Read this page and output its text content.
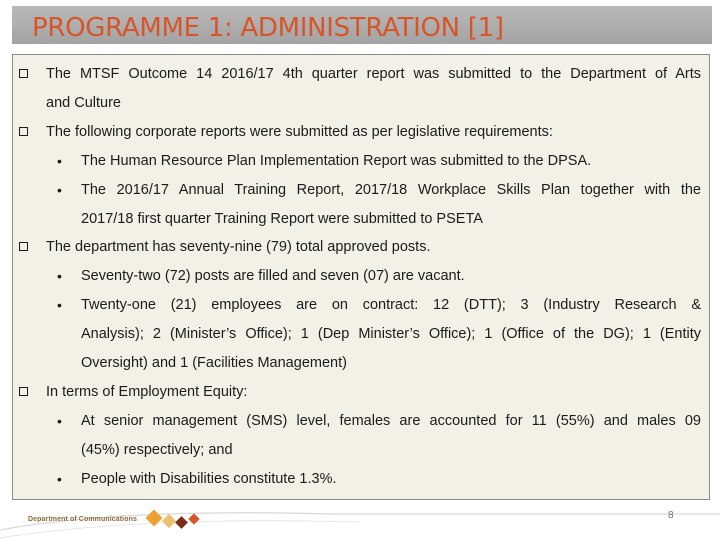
PROGRAMME 1: ADMINISTRATION [1]
The MTSF Outcome 14 2016/17 4th quarter report was submitted to the Department of Arts
and Culture
The following corporate reports were submitted as per legislative requirements:
• The Human Resource Plan Implementation Report was submitted to the DPSA.
• The 2016/17 Annual Training Report, 2017/18 Workplace Skills Plan together with the
2017/18 first quarter Training Report were submitted to PSETA
The department has seventy-nine (79) total approved posts.
• Seventy-two (72) posts are filled and seven (07) are vacant.
• Twenty-one (21) employees are on contract: 12 (DTT); 3 (Industry Research &
Analysis); 2 (Minister’s Office); 1 (Dep Minister’s Office); 1 (Office of the DG); 1 (Entity
Oversight) and 1 (Facilities Management)
In terms of Employment Equity:
• At senior management (SMS) level, females are accounted for 11 (55%) and males 09
(45%) respectively; and
• People with Disabilities constitute 1.3%.
Department of Communications	8
